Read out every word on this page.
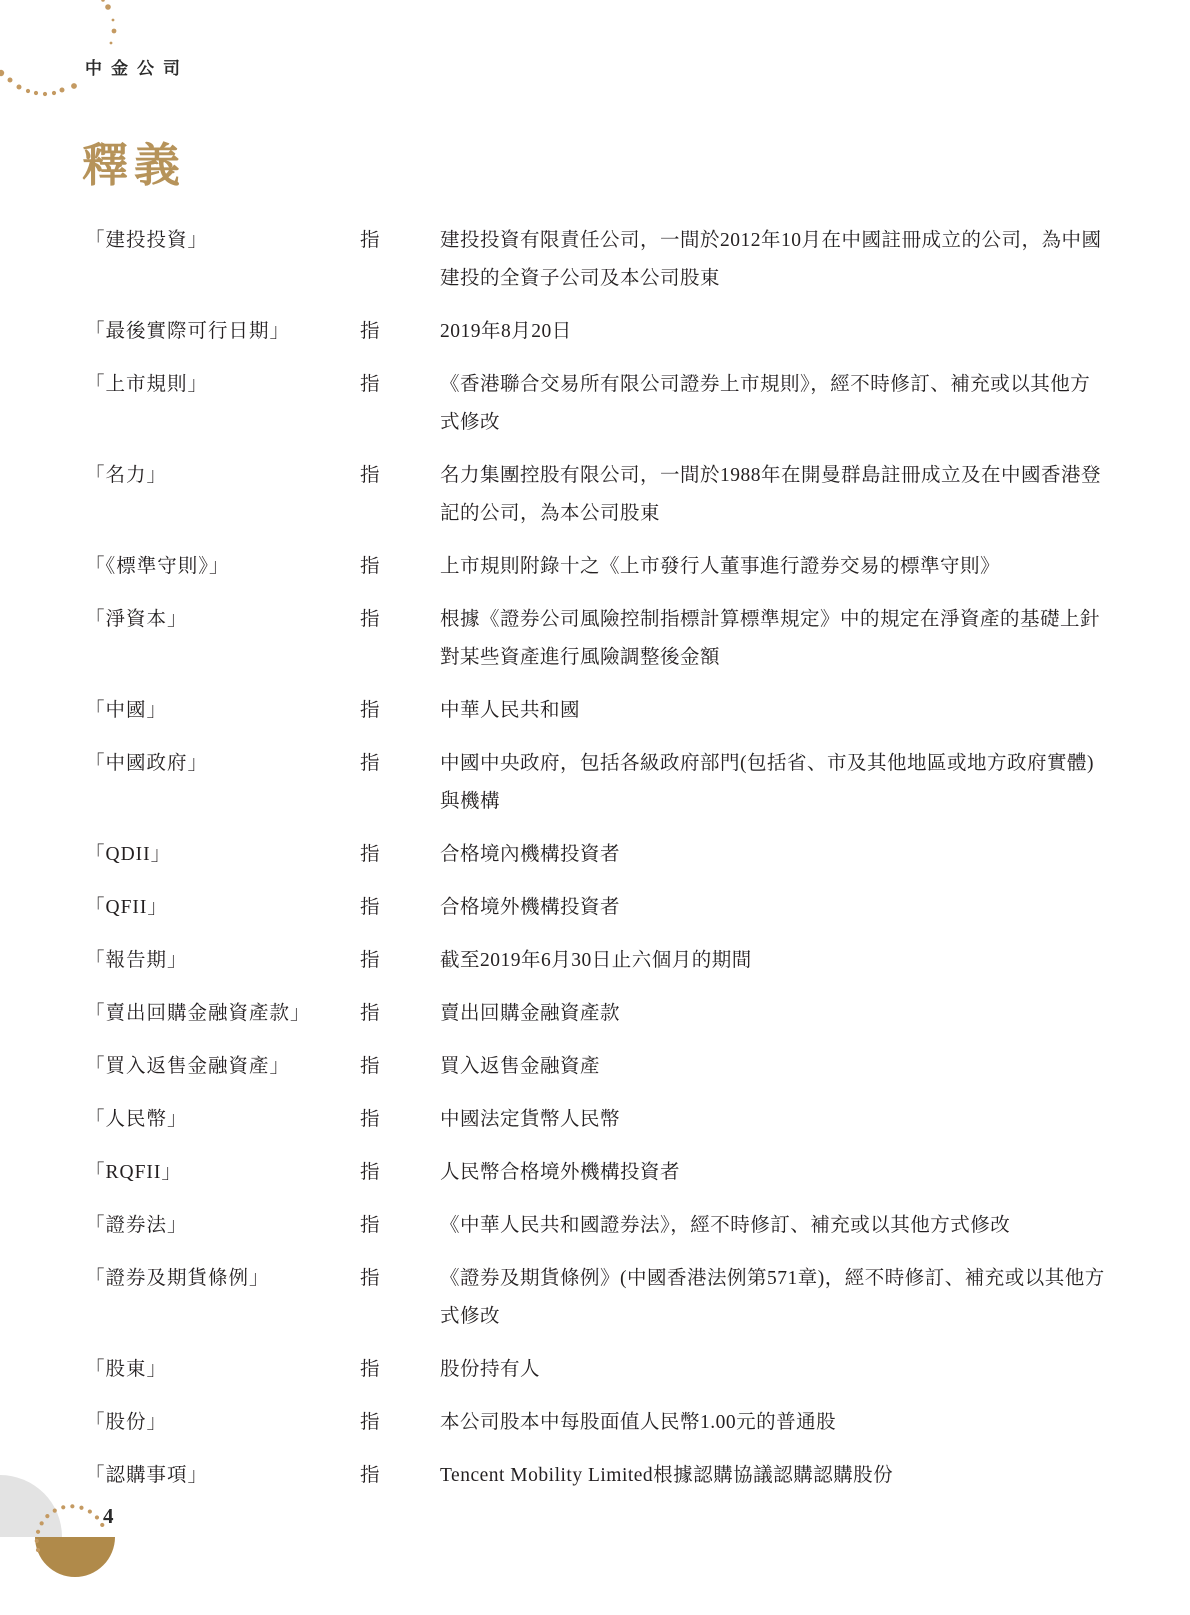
中金公司
釋義
「建投投資」	指	建投投資有限責任公司，一間於2012年10月在中國註冊成立的公司，為中國建投的全資子公司及本公司股東
「最後實際可行日期」	指	2019年8月20日
「上市規則」	指	《香港聯合交易所有限公司證券上市規則》，經不時修訂、補充或以其他方式修改
「名力」	指	名力集團控股有限公司，一間於1988年在開曼群島註冊成立及在中國香港登記的公司，為本公司股東
「《標準守則》」	指	上市規則附錄十之《上市發行人董事進行證券交易的標準守則》
「淨資本」	指	根據《證券公司風險控制指標計算標準規定》中的規定在淨資產的基礎上針對某些資產進行風險調整後金額
「中國」	指	中華人民共和國
「中國政府」	指	中國中央政府，包括各級政府部門(包括省、市及其他地區或地方政府實體)與機構
「QDII」	指	合格境內機構投資者
「QFII」	指	合格境外機構投資者
「報告期」	指	截至2019年6月30日止六個月的期間
「賣出回購金融資產款」	指	賣出回購金融資產款
「買入返售金融資產」	指	買入返售金融資產
「人民幣」	指	中國法定貨幣人民幣
「RQFII」	指	人民幣合格境外機構投資者
「證券法」	指	《中華人民共和國證券法》，經不時修訂、補充或以其他方式修改
「證券及期貨條例」	指	《證券及期貨條例》(中國香港法例第571章)，經不時修訂、補充或以其他方式修改
「股東」	指	股份持有人
「股份」	指	本公司股本中每股面值人民幣1.00元的普通股
「認購事項」	指	Tencent Mobility Limited根據認購協議認購認購股份
4
